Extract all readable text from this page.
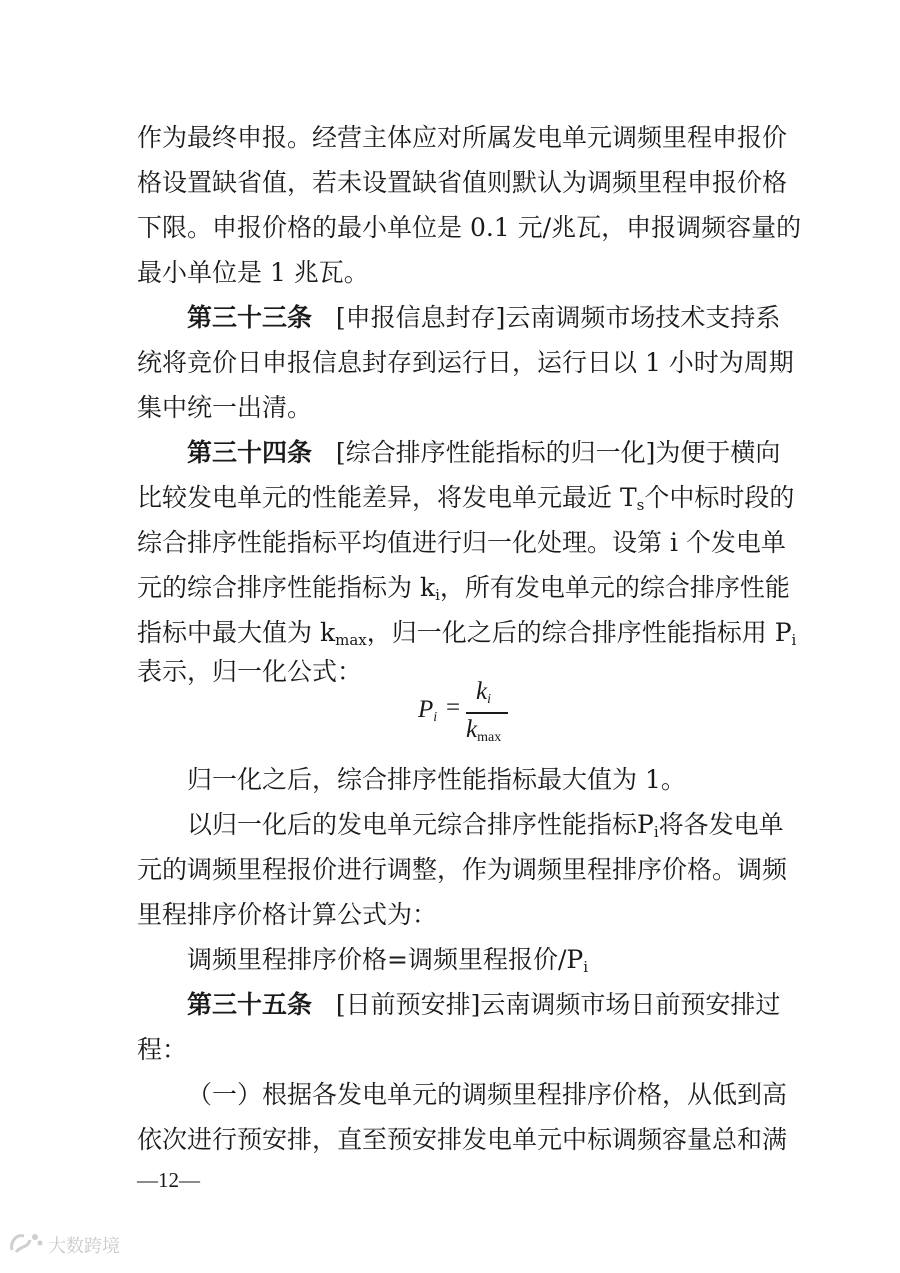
作为最终申报。经营主体应对所属发电单元调频里程申报价
格设置缺省值，若未设置缺省值则默认为调频里程申报价格
下限。申报价格的最小单位是 0.1 元/兆瓦，申报调频容量的
最小单位是 1 兆瓦。
第三十三条 [申报信息封存]云南调频市场技术支持系
统将竞价日申报信息封存到运行日，运行日以 1 小时为周期
集中统一出清。
第三十四条 [综合排序性能指标的归一化]为便于横向
比较发电单元的性能差异，将发电单元最近 $T_s$个中标时段的
综合排序性能指标平均值进行归一化处理。设第 i 个发电单
元的综合排序性能指标为 $k_i$，所有发电单元的综合排序性能
指标中最大值为 $k_{max}$，归一化之后的综合排序性能指标用 $P_i$
表示，归一化公式：
$P_i$ =
$k_i$
$k_{max}$
归一化之后，综合排序性能指标最大值为 1。
以归一化后的发电单元综合排序性能指标$P_i$将各发电单
元的调频里程报价进行调整，作为调频里程排序价格。调频
里程排序价格计算公式为：
调频里程排序价格=调频里程报价$/P_i$
第三十五条 [日前预安排]云南调频市场日前预安排过
程：
（一）根据各发电单元的调频里程排序价格，从低到高
依次进行预安排，直至预安排发电单元中标调频容量总和满
—12—
大数跨境
